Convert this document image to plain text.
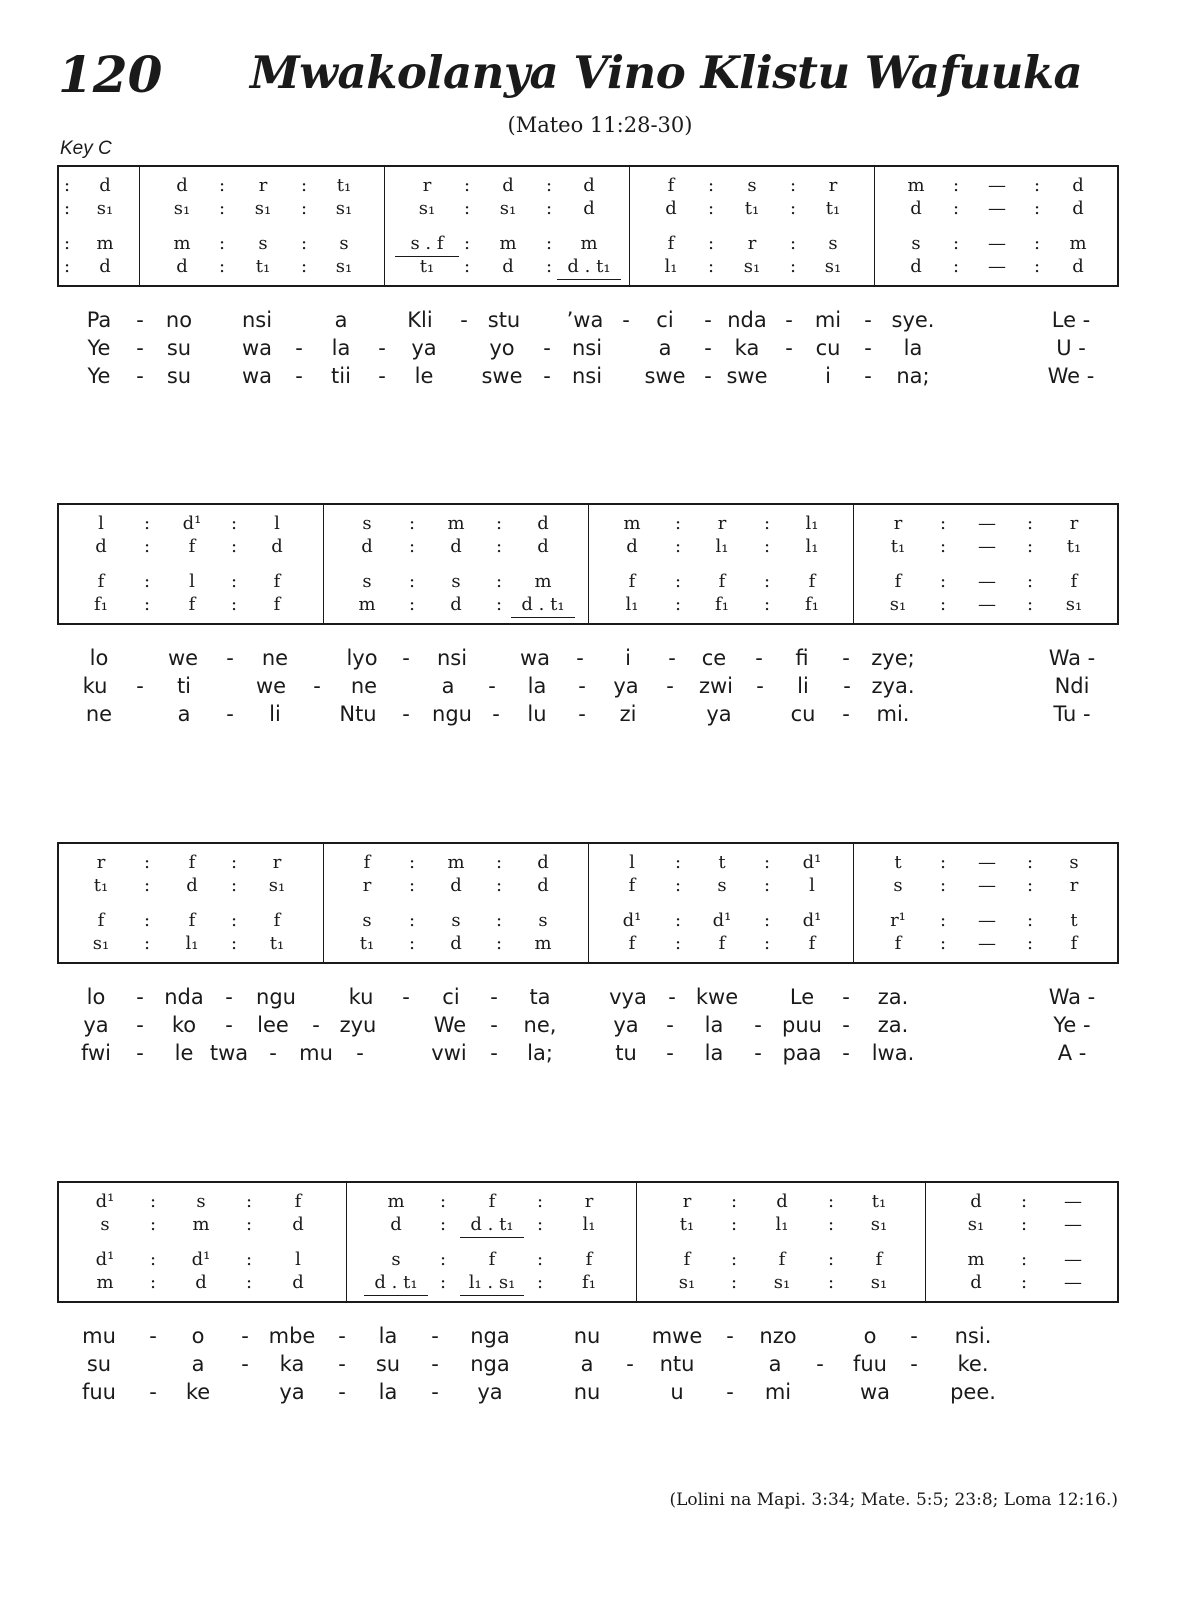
120 Mwakolanya Vino Klistu Wafuuka
(Mateo 11:28-30)
Key C
:	d	d	:	r	:	t₁	r	:	d	:	d	f	:	s	:	r	m	:	—	:	d
:	s₁	s₁	:	s₁	:	s₁	s₁	:	s₁	:	d	d	:	t₁	:	t₁	d	:	—	:	d
:	m	m	:	s	:	s	s . f	:	m	:	m	f	:	r	:	s	s	:	—	:	m
:	d	d	:	t₁	:	s₁	t₁	:	d	: d . t₁	l₁	:	s₁	:	s₁	d	:	—	:	d
Pa	-	no	nsi	a	Kli	- stu	’wa -	ci	- nda -	mi	- sye.	Le -
Ye	-	su	wa	-	la	-	ya	yo	-	nsi	a	-	ka	-	cu	-	la	U -
Ye	-	su	wa	-	tii	-	le	swe -	nsi	swe - swe	i	-	na;	We -
l	:	d¹	:	l	s	:	m	:	d	m	:	r	:	l₁	r	:	—	:	r
d	:	f	:	d	d	:	d	:	d	d	:	l₁	:	l₁	t₁	:	—	:	t₁
f	:	l	:	f	s	:	s	:	m	f	:	f	:	f	f	:	—	:	f
f₁	:	f	:	f	m	:	d	:	d . t₁	l₁	:	f₁	:	f₁	s₁	:	—	:	s₁
lo	we	-	ne	lyo	-	nsi	wa	-	i	-	ce	-	fi	-	zye;	Wa -
ku	-	ti	we	-	ne	a	-	la	-	ya	-	zwi	-	li	- zya.	Ndi
ne	a	-	li	Ntu	-	ngu -	lu	-	zi	ya	cu	-	mi.	Tu -
r	:	f	:	r	f	:	m	:	d	l	:	t	:	d¹	t	:	—	:	s
t₁	:	d	:	s₁	r	:	d	:	d	f	:	s	:	l	s	:	—	:	r
f	:	f	:	f	s	:	s	:	s	d¹	:	d¹	:	d¹	r¹	:	—	:	t
s₁	:	l₁	:	t₁	t₁	:	d	:	m	f	:	f	:	f	f	:	—	:	f
lo	- nda	-	ngu	ku	-	ci	-	ta	vya	- kwe	Le	-	za.	Wa -
ya	-	ko	-	lee	- zyu	We	-	ne,	ya	-	la	- puu -	za.	Ye -
fwi	-	le twa	-	mu	-	vwi	-	la;	tu	-	la	- paa -	lwa.	A -
d¹	:	s	:	f	m	:	f	:	r	r	:	d	:	t₁	d	:	—
s	:	m	:	d	d	:	d . t₁	:	l₁	t₁	:	l₁	:	s₁	s₁	:	—
d¹	:	d¹	:	l	s	:	f	:	f	f	:	f	:	f	m	:	—
m	:	d	:	d	d . t₁	:	l₁ . s₁	:	f₁	s₁	:	s₁	:	s₁	d	:	—
mu	-	o	- mbe	-	la	-	nga	nu	mwe	-	nzo	o	-	nsi.
su	a	-	ka	-	su	-	nga	a	-	ntu	a	-	fuu	-	ke.
fuu	-	ke	ya	-	la	-	ya	nu	u	-	mi	wa	pee.
(Lolini na Mapi. 3:34; Mate. 5:5; 23:8; Loma 12:16.)
